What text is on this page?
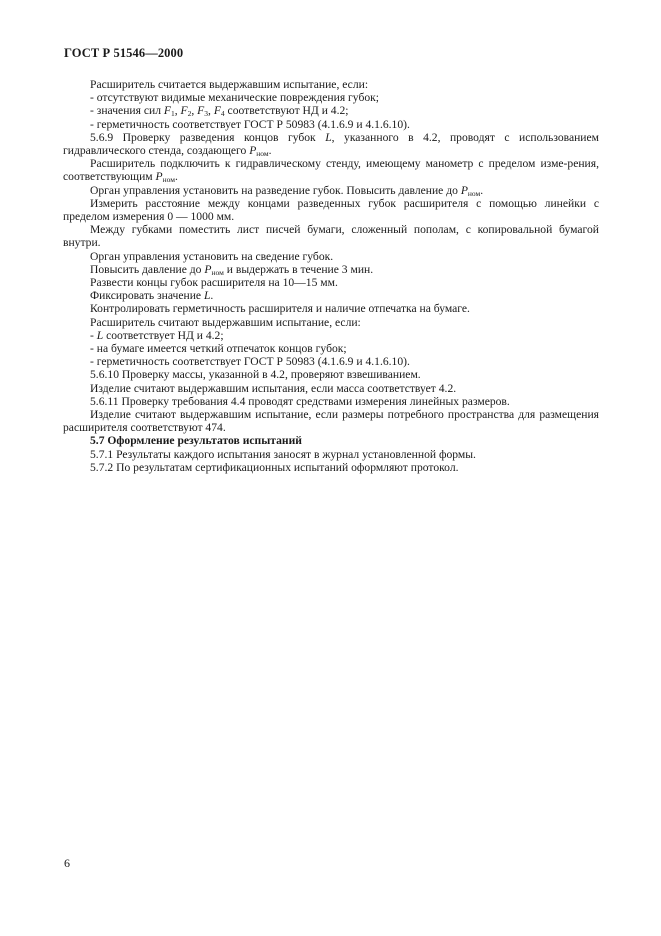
ГОСТ Р 51546—2000

Расширитель считается выдержавшим испытание, если:

- отсутствуют видимые механические повреждения губок;

- значения сил $F_1$, $F_2$, $F_3$, $F_4$ соответствуют НД и 4.2;

- герметичность соответствует ГОСТ Р 50983 (4.1.6.9 и 4.1.6.10).

5.6.9 Проверку разведения концов губок L, указанного в 4.2, проводят с использованием гидравлического стенда, создающего $P_{ном}$.

Расширитель подключить к гидравлическому стенду, имеющему манометр с пределом изме-рения, соответствующим $P_{ном}$.

Орган управления установить на разведение губок. Повысить давление до $P_{ном}$.

Измерить расстояние между концами разведенных губок расширителя с помощью линейки с пределом измерения 0 — 1000 мм.

Между губками поместить лист писчей бумаги, сложенный пополам, с копировальной бумагой внутри.

Орган управления установить на сведение губок.

Повысить давление до $P_{ном}$ и выдержать в течение 3 мин.

Развести концы губок расширителя на 10—15 мм.

Фиксировать значение L.

Контролировать герметичность расширителя и наличие отпечатка на бумаге.

Расширитель считают выдержавшим испытание, если:

- L соответствует НД и 4.2;

- на бумаге имеется четкий отпечаток концов губок;

- герметичность соответствует ГОСТ Р 50983 (4.1.6.9 и 4.1.6.10).

5.6.10 Проверку массы, указанной в 4.2, проверяют взвешиванием.

Изделие считают выдержавшим испытания, если масса соответствует 4.2.

5.6.11 Проверку требования 4.4 проводят средствами измерения линейных размеров.

Изделие считают выдержавшим испытание, если размеры потребного пространства для размещения расширителя соответствуют 474.

5.7 Оформление результатов испытаний

5.7.1 Результаты каждого испытания заносят в журнал установленной формы.

5.7.2 По результатам сертификационных испытаний оформляют протокол.

6
